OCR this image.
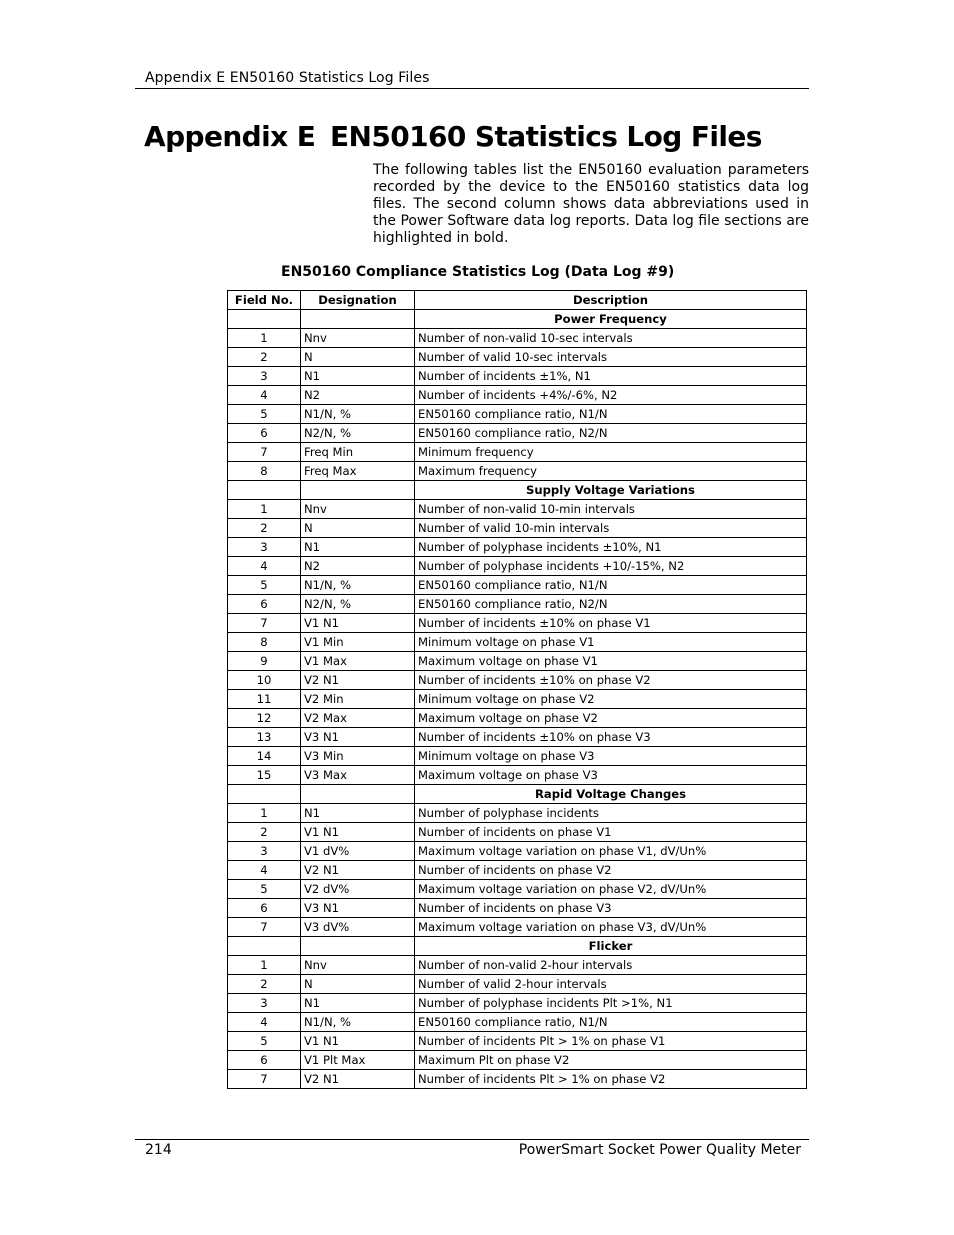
Appendix E EN50160 Statistics Log Files
Appendix E EN50160 Statistics Log Files

The following tables list the EN50160 evaluation parameters recorded by the device to the EN50160 statistics data log files. The second column shows data abbreviations used in the Power Software data log reports. Data log file sections are highlighted in bold.

EN50160 Compliance Statistics Log (Data Log #9)
Field No.	Designation	Description
		Power Frequency
1	Nnv	Number of non-valid 10-sec intervals
2	N	Number of valid 10-sec intervals
3	N1	Number of incidents ±1%, N1
4	N2	Number of incidents +4%/-6%, N2
5	N1/N, %	EN50160 compliance ratio, N1/N
6	N2/N, %	EN50160 compliance ratio, N2/N
7	Freq Min	Minimum frequency
8	Freq Max	Maximum frequency
		Supply Voltage Variations
1	Nnv	Number of non-valid 10-min intervals
2	N	Number of valid 10-min intervals
3	N1	Number of polyphase incidents ±10%, N1
4	N2	Number of polyphase incidents +10/-15%, N2
5	N1/N, %	EN50160 compliance ratio, N1/N
6	N2/N, %	EN50160 compliance ratio, N2/N
7	V1 N1	Number of incidents ±10% on phase V1
8	V1 Min	Minimum voltage on phase V1
9	V1 Max	Maximum voltage on phase V1
10	V2 N1	Number of incidents ±10% on phase V2
11	V2 Min	Minimum voltage on phase V2
12	V2 Max	Maximum voltage on phase V2
13	V3 N1	Number of incidents ±10% on phase V3
14	V3 Min	Minimum voltage on phase V3
15	V3 Max	Maximum voltage on phase V3
		Rapid Voltage Changes
1	N1	Number of polyphase incidents
2	V1 N1	Number of incidents on phase V1
3	V1 dV%	Maximum voltage variation on phase V1, dV/Un%
4	V2 N1	Number of incidents on phase V2
5	V2 dV%	Maximum voltage variation on phase V2, dV/Un%
6	V3 N1	Number of incidents on phase V3
7	V3 dV%	Maximum voltage variation on phase V3, dV/Un%
		Flicker
1	Nnv	Number of non-valid 2-hour intervals
2	N	Number of valid 2-hour intervals
3	N1	Number of polyphase incidents Plt >1%, N1
4	N1/N, %	EN50160 compliance ratio, N1/N
5	V1 N1	Number of incidents Plt > 1% on phase V1
6	V1 Plt Max	Maximum Plt on phase V2
7	V2 N1	Number of incidents Plt > 1% on phase V2
214	PowerSmart Socket Power Quality Meter
